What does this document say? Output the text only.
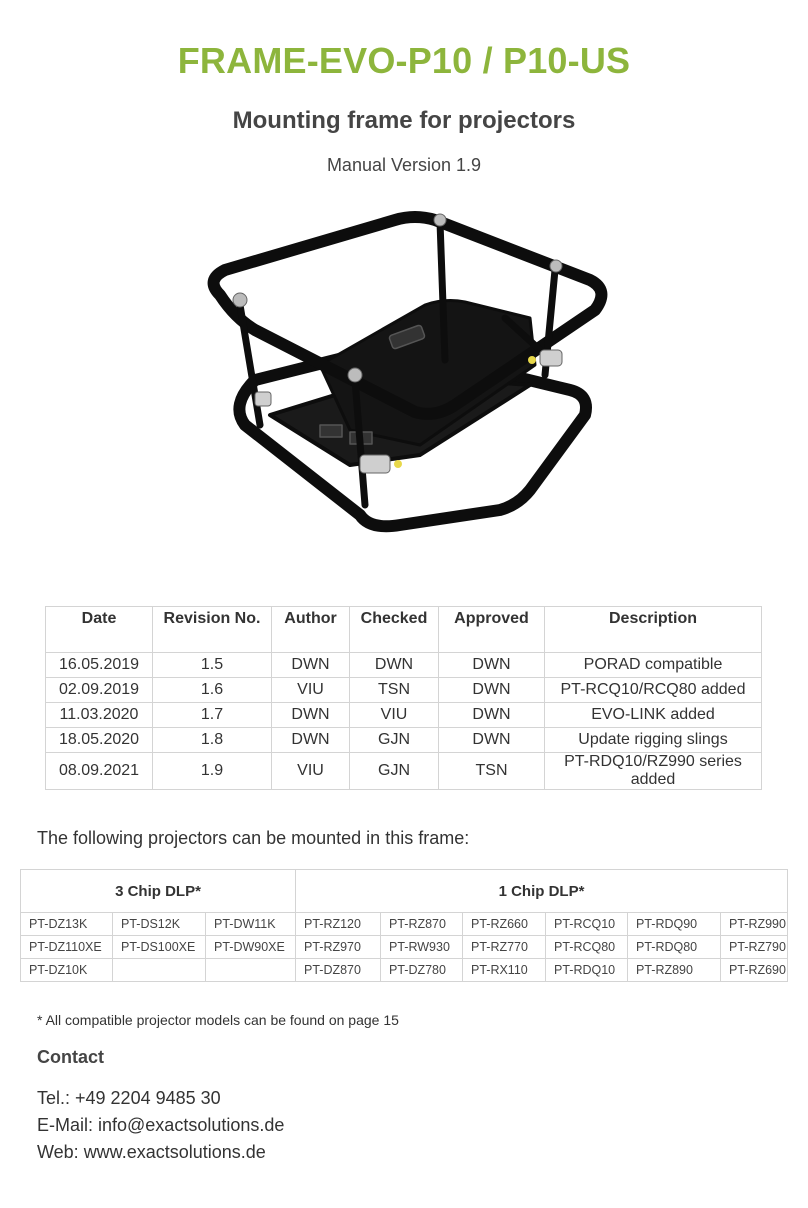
FRAME-EVO-P10 / P10-US
Mounting frame for projectors
Manual Version 1.9
Date	Revision No.	Author	Checked	Approved	Description
16.05.2019	1.5	DWN	DWN	DWN	PORAD compatible
02.09.2019	1.6	VIU	TSN	DWN	PT-RCQ10/RCQ80 added
11.03.2020	1.7	DWN	VIU	DWN	EVO-LINK added
18.05.2020	1.8	DWN	GJN	DWN	Update rigging slings
08.09.2021	1.9	VIU	GJN	TSN	PT-RDQ10/RZ990 series added
The following projectors can be mounted in this frame:
3 Chip DLP*			1 Chip DLP*					
PT-DZ13K	PT-DS12K	PT-DW11K	PT-RZ120	PT-RZ870	PT-RZ660	PT-RCQ10	PT-RDQ90	PT-RZ990
PT-DZ110XE	PT-DS100XE	PT-DW90XE	PT-RZ970	PT-RW930	PT-RZ770	PT-RCQ80	PT-RDQ80	PT-RZ790
PT-DZ10K			PT-DZ870	PT-DZ780	PT-RX110	PT-RDQ10	PT-RZ890	PT-RZ690
* All compatible projector models can be found on page 15
Contact
Tel.: +49 2204 9485 30
E-Mail: info@exactsolutions.de
Web: www.exactsolutions.de
